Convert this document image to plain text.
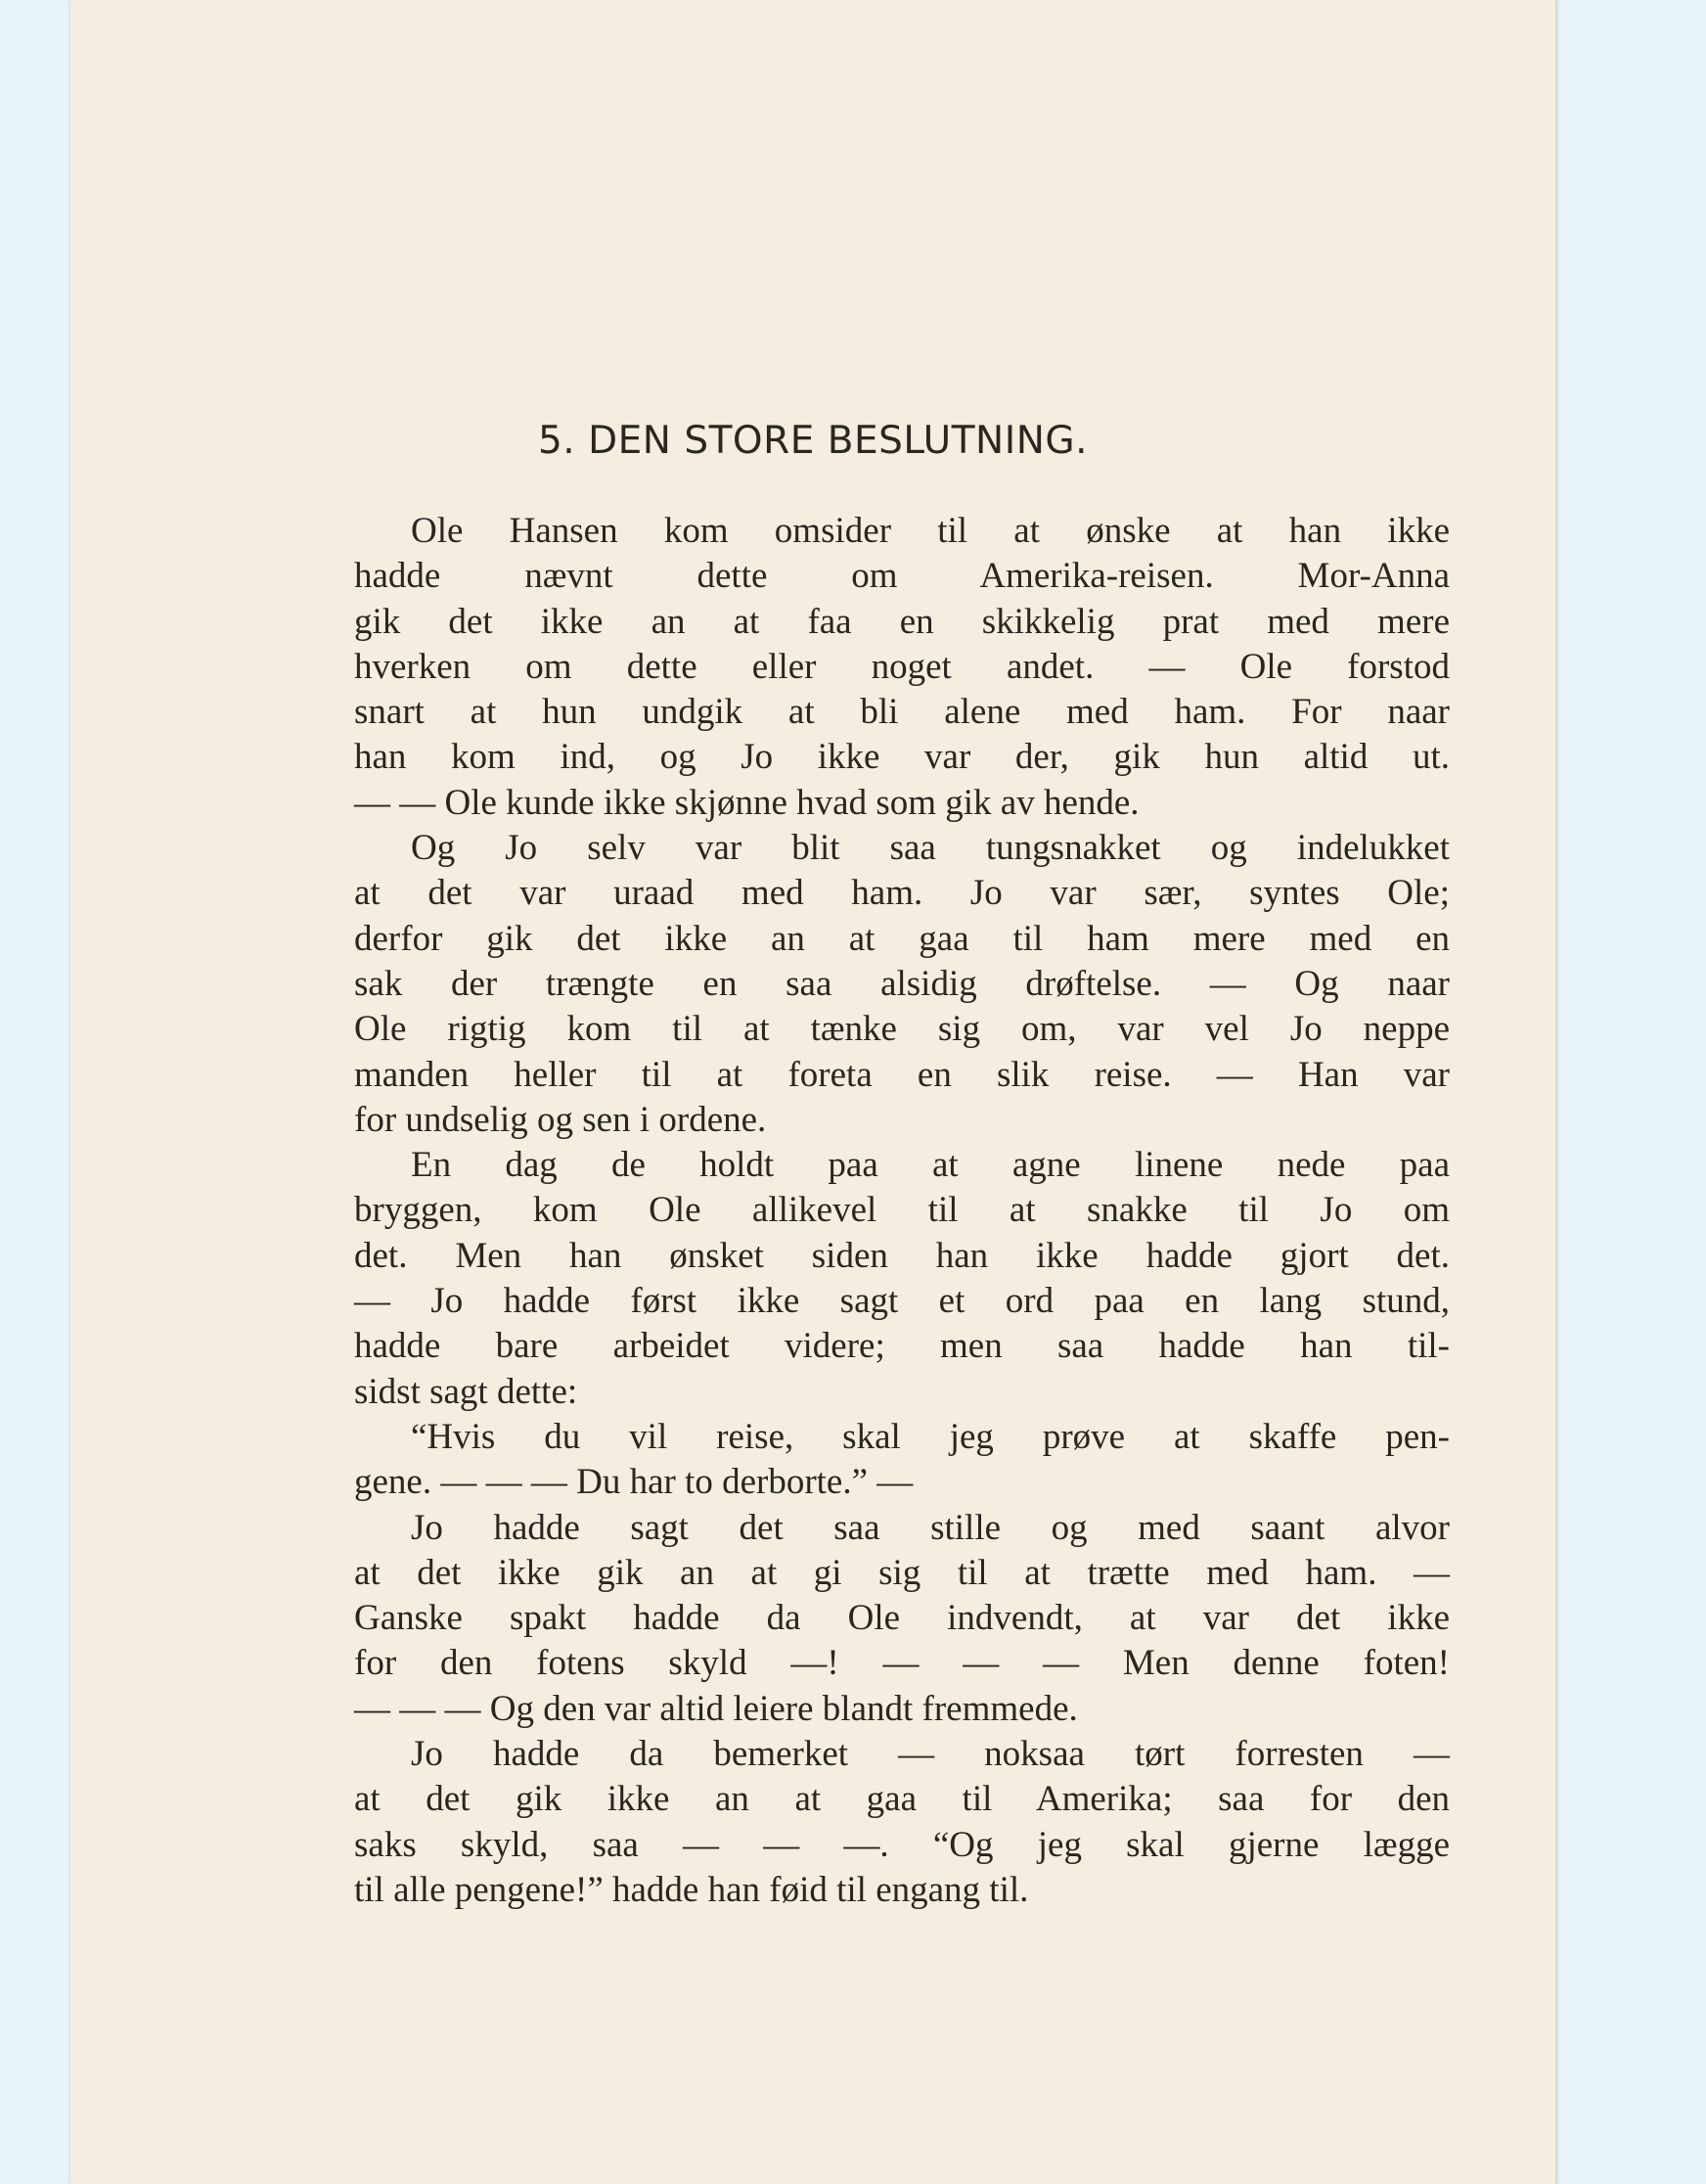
5. DEN STORE BESLUTNING.
Ole Hansen kom omsider til at ønske at han ikke
hadde nævnt dette om Amerika-reisen. Mor-Anna
gik det ikke an at faa en skikkelig prat med mere
hverken om dette eller noget andet. — Ole forstod
snart at hun undgik at bli alene med ham. For naar
han kom ind, og Jo ikke var der, gik hun altid ut.
— — Ole kunde ikke skjønne hvad som gik av hende.
Og Jo selv var blit saa tungsnakket og indelukket
at det var uraad med ham. Jo var sær, syntes Ole;
derfor gik det ikke an at gaa til ham mere med en
sak der trængte en saa alsidig drøftelse. — Og naar
Ole rigtig kom til at tænke sig om, var vel Jo neppe
manden heller til at foreta en slik reise. — Han var
for undselig og sen i ordene.
En dag de holdt paa at agne linene nede paa
bryggen, kom Ole allikevel til at snakke til Jo om
det. Men han ønsket siden han ikke hadde gjort det.
— Jo hadde først ikke sagt et ord paa en lang stund,
hadde bare arbeidet videre; men saa hadde han til-
sidst sagt dette:
“Hvis du vil reise, skal jeg prøve at skaffe pen-
gene. — — — Du har to derborte.” —
Jo hadde sagt det saa stille og med saant alvor
at det ikke gik an at gi sig til at trætte med ham. —
Ganske spakt hadde da Ole indvendt, at var det ikke
for den fotens skyld —! — — — Men denne foten!
— — — Og den var altid leiere blandt fremmede.
Jo hadde da bemerket — noksaa tørt forresten —
at det gik ikke an at gaa til Amerika; saa for den
saks skyld, saa — — —. “Og jeg skal gjerne lægge
til alle pengene!” hadde han føid til engang til.
